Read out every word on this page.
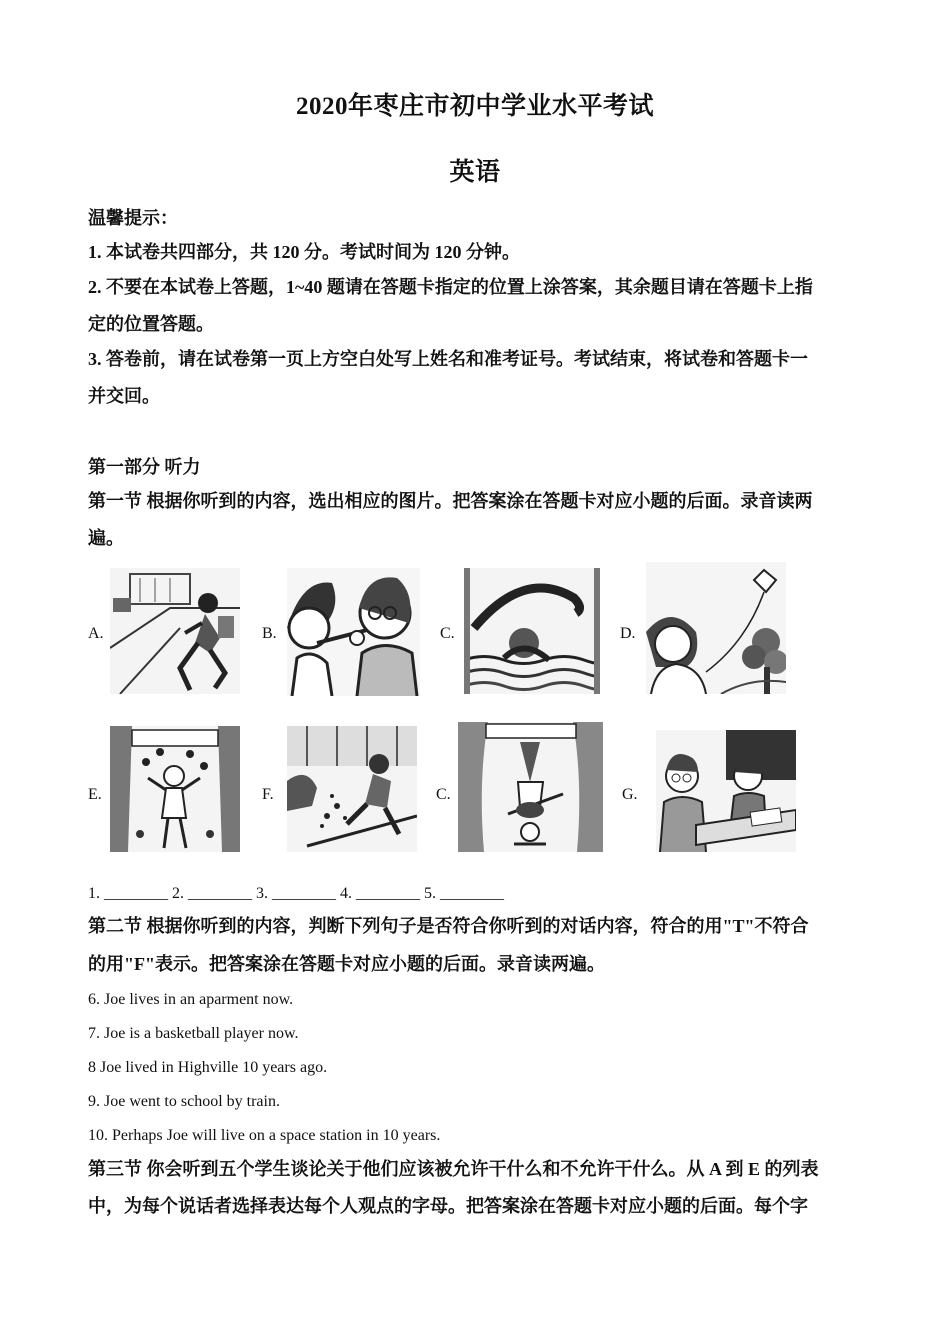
2020年枣庄市初中学业水平考试
英语
温馨提示：
1. 本试卷共四部分，共 120 分。考试时间为 120 分钟。
2. 不要在本试卷上答题，1~40 题请在答题卡指定的位置上涂答案，其余题目请在答题卡上指
定的位置答题。
3. 答卷前，请在试卷第一页上方空白处写上姓名和准考证号。考试结束，将试卷和答题卡一
并交回。
第一部分 听力
第一节 根据你听到的内容，选出相应的图片。把答案涂在答题卡对应小题的后面。录音读两
遍。
A.	B.	C.	D.
E.	F.	C.	G.
1. ________ 2. ________ 3. ________ 4. ________ 5. ________
第二节 根据你听到的内容，判断下列句子是否符合你听到的对话内容，符合的用"T"不符合
的用"F"表示。把答案涂在答题卡对应小题的后面。录音读两遍。
6. Joe lives in an aparment now.
7. Joe is a basketball player now.
8 Joe lived in Highville 10 years ago.
9. Joe went to school by train.
10. Perhaps Joe will live on a space station in 10 years.
第三节 你会听到五个学生谈论关于他们应该被允许干什么和不允许干什么。从 A 到 E 的列表
中，为每个说话者选择表达每个人观点的字母。把答案涂在答题卡对应小题的后面。每个字
